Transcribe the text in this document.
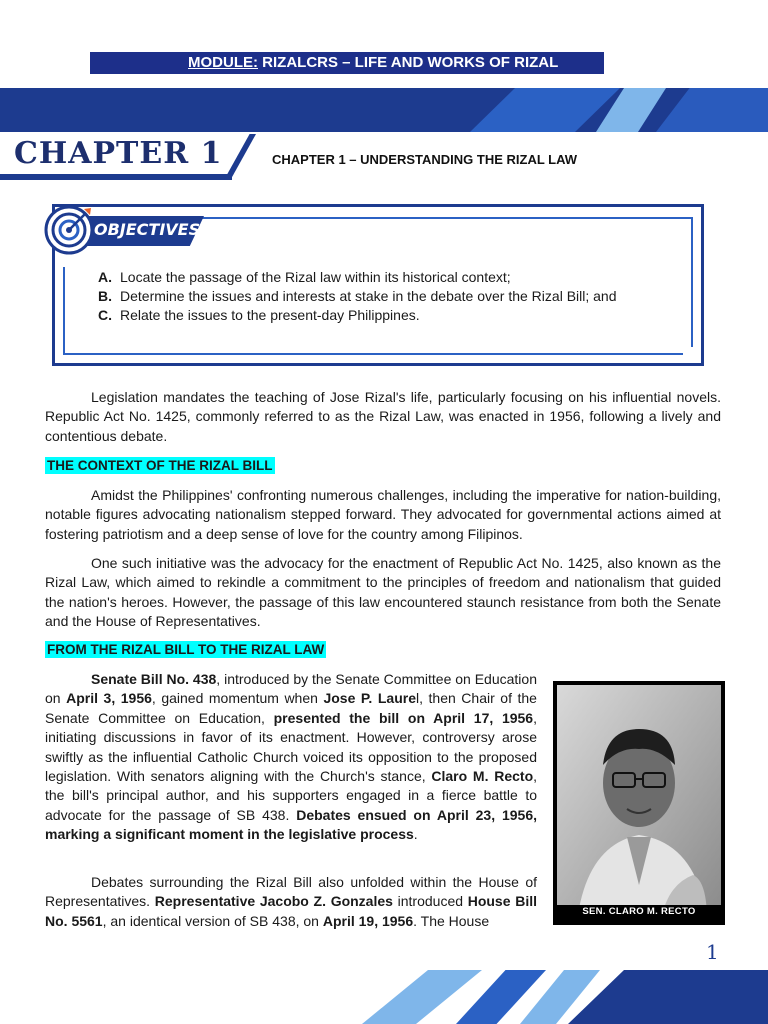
MODULE: RIZALCRS – LIFE AND WORKS OF RIZAL
CHAPTER 1	CHAPTER 1 – UNDERSTANDING THE RIZAL LAW
OBJECTIVES
A. Locate the passage of the Rizal law within its historical context;
B. Determine the issues and interests at stake in the debate over the Rizal Bill; and
C. Relate the issues to the present-day Philippines.

Legislation mandates the teaching of Jose Rizal's life, particularly focusing on his influential novels. Republic Act No. 1425, commonly referred to as the Rizal Law, was enacted in 1956, following a lively and contentious debate.

THE CONTEXT OF THE RIZAL BILL

Amidst the Philippines' confronting numerous challenges, including the imperative for nation-building, notable figures advocating nationalism stepped forward. They advocated for governmental actions aimed at fostering patriotism and a deep sense of love for the country among Filipinos.

One such initiative was the advocacy for the enactment of Republic Act No. 1425, also known as the Rizal Law, which aimed to rekindle a commitment to the principles of freedom and nationalism that guided the nation's heroes. However, the passage of this law encountered staunch resistance from both the Senate and the House of Representatives.

FROM THE RIZAL BILL TO THE RIZAL LAW

Senate Bill No. 438, introduced by the Senate Committee on Education on April 3, 1956, gained momentum when Jose P. Laurel, then Chair of the Senate Committee on Education, presented the bill on April 17, 1956, initiating discussions in favor of its enactment. However, controversy arose swiftly as the influential Catholic Church voiced its opposition to the proposed legislation. With senators aligning with the Church's stance, Claro M. Recto, the bill's principal author, and his supporters engaged in a fierce battle to advocate for the passage of SB 438. Debates ensued on April 23, 1956, marking a significant moment in the legislative process.

Debates surrounding the Rizal Bill also unfolded within the House of Representatives. Representative Jacobo Z. Gonzales introduced House Bill No. 5561, an identical version of SB 438, on April 19, 1956. The House

SEN. CLARO M. RECTO
1
